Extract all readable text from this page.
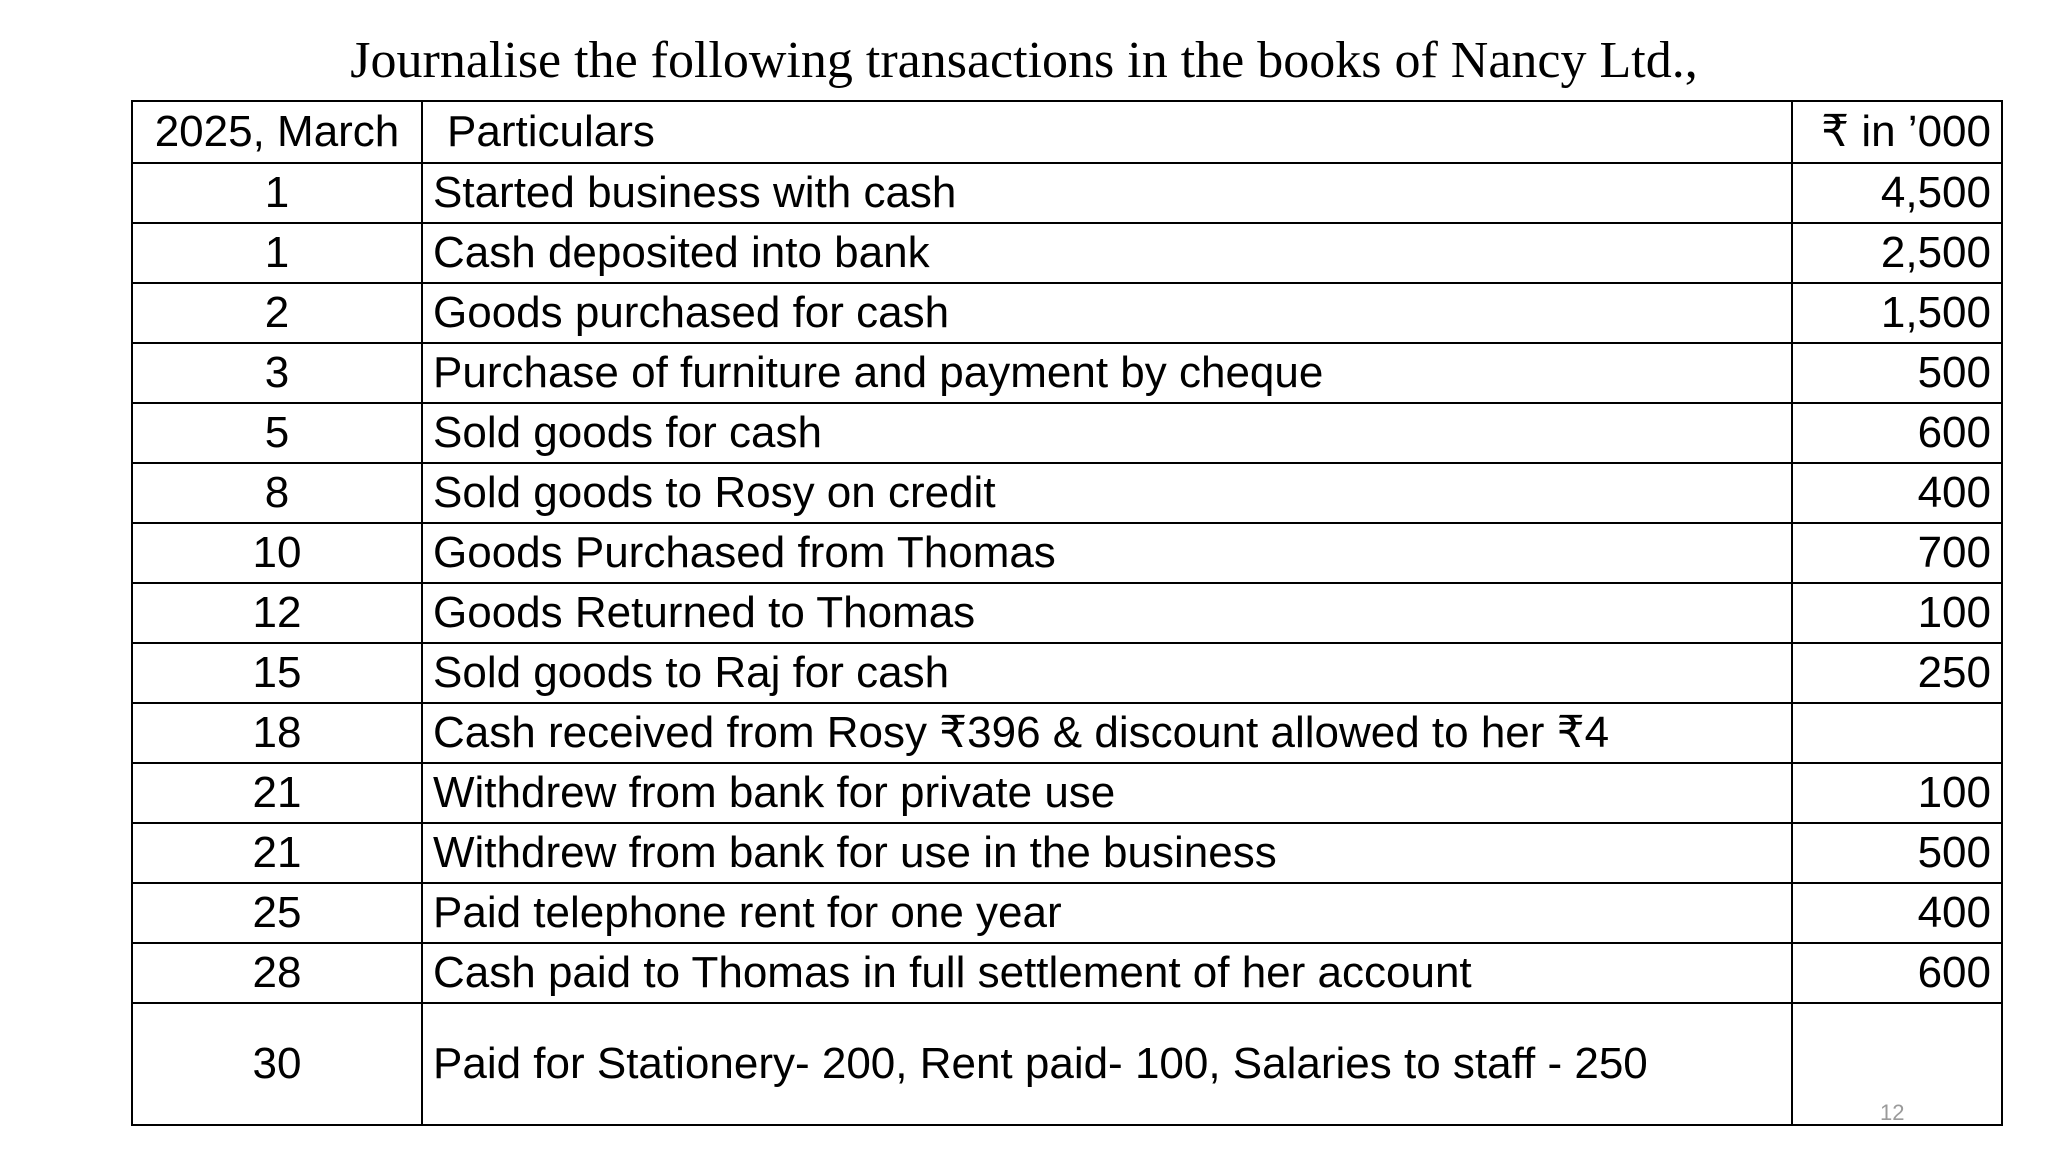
Journalise the following transactions in the books of Nancy Ltd.,
2025, March	Particulars	₹ in ’000
1	Started business with cash	4,500
1	Cash deposited into bank	2,500
2	Goods purchased for cash	1,500
3	Purchase of furniture and payment by cheque	500
5	Sold goods for cash	600
8	Sold goods to Rosy on credit	400
10	Goods Purchased from Thomas	700
12	Goods Returned to Thomas	100
15	Sold goods to Raj for cash	250
18	Cash received from Rosy ₹396 & discount allowed to her ₹4	
21	Withdrew from bank for private use	100
21	Withdrew from bank for use in the business	500
25	Paid telephone rent for one year	400
28	Cash paid to Thomas in full settlement of her account	600
30	Paid for Stationery- 200, Rent paid- 100, Salaries to staff - 250	
12
